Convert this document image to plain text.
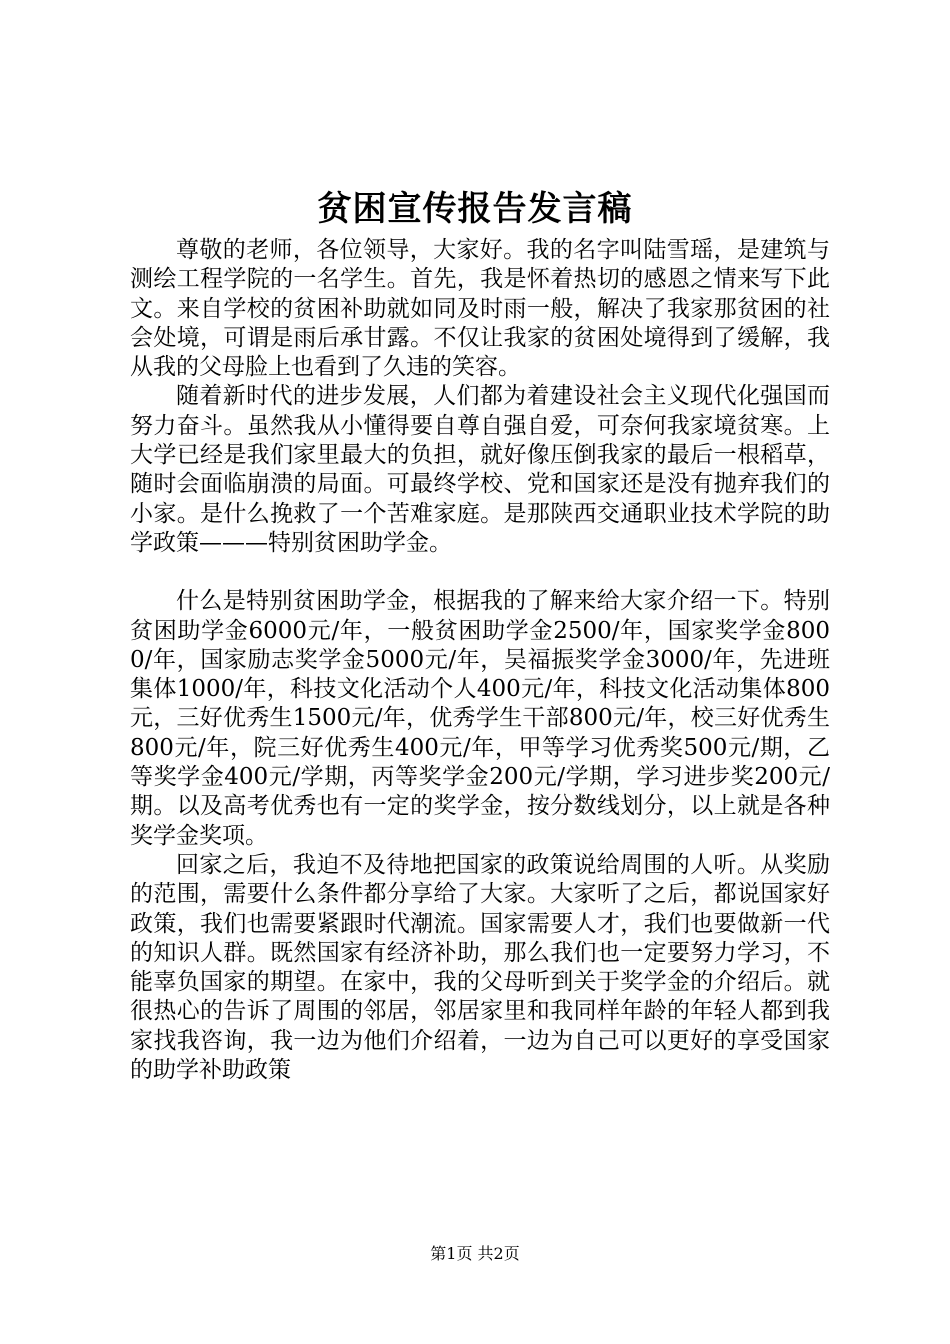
贫困宣传报告发言稿

尊敬的老师，各位领导，大家好。我的名字叫陆雪瑶，是建筑与测绘工程学院的一名学生。首先，我是怀着热切的感恩之情来写下此文。来自学校的贫困补助就如同及时雨一般，解决了我家那贫困的社会处境，可谓是雨后承甘露。不仅让我家的贫困处境得到了缓解，我从我的父母脸上也看到了久违的笑容。

随着新时代的进步发展，人们都为着建设社会主义现代化强国而努力奋斗。虽然我从小懂得要自尊自强自爱，可奈何我家境贫寒。上大学已经是我们家里最大的负担，就好像压倒我家的最后一根稻草，随时会面临崩溃的局面。可最终学校、党和国家还是没有抛弃我们的小家。是什么挽救了一个苦难家庭。是那陕西交通职业技术学院的助学政策———特别贫困助学金。

什么是特别贫困助学金，根据我的了解来给大家介绍一下。特别贫困助学金6000元/年，一般贫困助学金2500/年，国家奖学金8000/年，国家励志奖学金5000元/年，吴福振奖学金3000/年，先进班集体1000/年，科技文化活动个人400元/年，科技文化活动集体800元，三好优秀生1500元/年，优秀学生干部800元/年，校三好优秀生800元/年，院三好优秀生400元/年，甲等学习优秀奖500元/期，乙等奖学金400元/学期，丙等奖学金200元/学期，学习进步奖200元/期。以及高考优秀也有一定的奖学金，按分数线划分，以上就是各种奖学金奖项。

回家之后，我迫不及待地把国家的政策说给周围的人听。从奖励的范围，需要什么条件都分享给了大家。大家听了之后，都说国家好政策，我们也需要紧跟时代潮流。国家需要人才，我们也要做新一代的知识人群。既然国家有经济补助，那么我们也一定要努力学习，不能辜负国家的期望。在家中，我的父母听到关于奖学金的介绍后。就很热心的告诉了周围的邻居，邻居家里和我同样年龄的年轻人都到我家找我咨询，我一边为他们介绍着，一边为自己可以更好的享受国家的助学补助政策

第1页 共2页
